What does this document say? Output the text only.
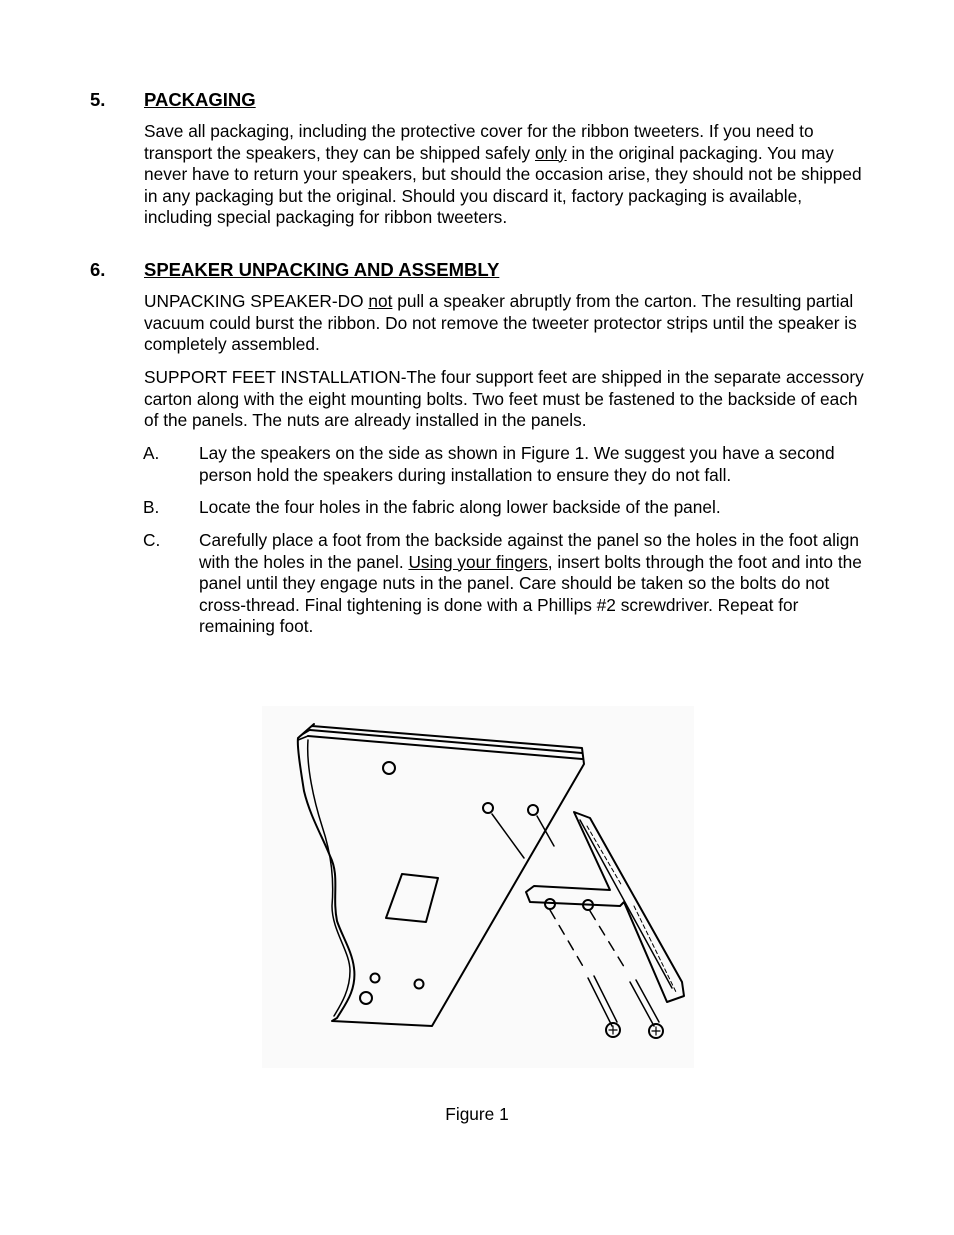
5. PACKAGING
Save all packaging, including the protective cover for the ribbon tweeters. If you need to transport the speakers, they can be shipped safely only in the original packaging. You may never have to return your speakers, but should the occasion arise, they should not be shipped in any packaging but the original. Should you discard it, factory packaging is available, including special packaging for ribbon tweeters.
6. SPEAKER UNPACKING AND ASSEMBLY
UNPACKING SPEAKER-DO not pull a speaker abruptly from the carton. The resulting partial vacuum could burst the ribbon. Do not remove the tweeter protector strips until the speaker is completely assembled.
SUPPORT FEET INSTALLATION-The four support feet are shipped in the separate accessory carton along with the eight mounting bolts. Two feet must be fastened to the backside of each of the panels. The nuts are already installed in the panels.
A. Lay the speakers on the side as shown in Figure 1. We suggest you have a second person hold the speakers during installation to ensure they do not fall.
B. Locate the four holes in the fabric along lower backside of the panel.
C. Carefully place a foot from the backside against the panel so the holes in the foot align with the holes in the panel. Using your fingers, insert bolts through the foot and into the panel until they engage nuts in the panel. Care should be taken so the bolts do not cross-thread. Final tightening is done with a Phillips #2 screwdriver. Repeat for remaining foot.
Figure 1
